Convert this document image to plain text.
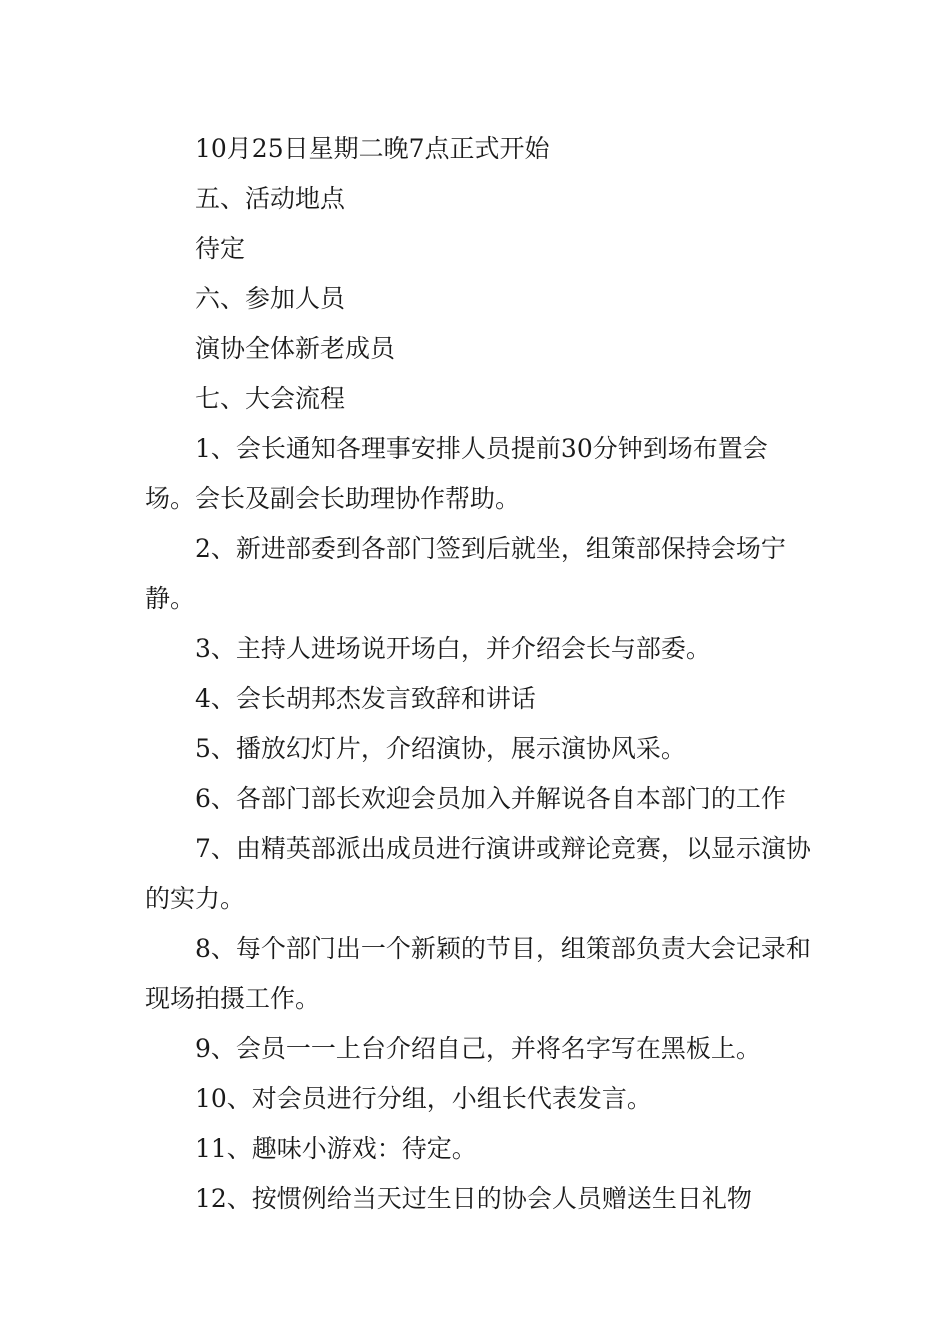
10月25日星期二晚7点正式开始

五、活动地点

待定

六、参加人员

演协全体新老成员

七、大会流程

1、会长通知各理事安排人员提前30分钟到场布置会场。会长及副会长助理协作帮助。

2、新进部委到各部门签到后就坐，组策部保持会场宁静。

3、主持人进场说开场白，并介绍会长与部委。

4、会长胡邦杰发言致辞和讲话

5、播放幻灯片，介绍演协，展示演协风采。

6、各部门部长欢迎会员加入并解说各自本部门的工作

7、由精英部派出成员进行演讲或辩论竞赛，以显示演协的实力。

8、每个部门出一个新颖的节目，组策部负责大会记录和现场拍摄工作。

9、会员一一上台介绍自己，并将名字写在黑板上。

10、对会员进行分组，小组长代表发言。

11、趣味小游戏：待定。

12、按惯例给当天过生日的协会人员赠送生日礼物
